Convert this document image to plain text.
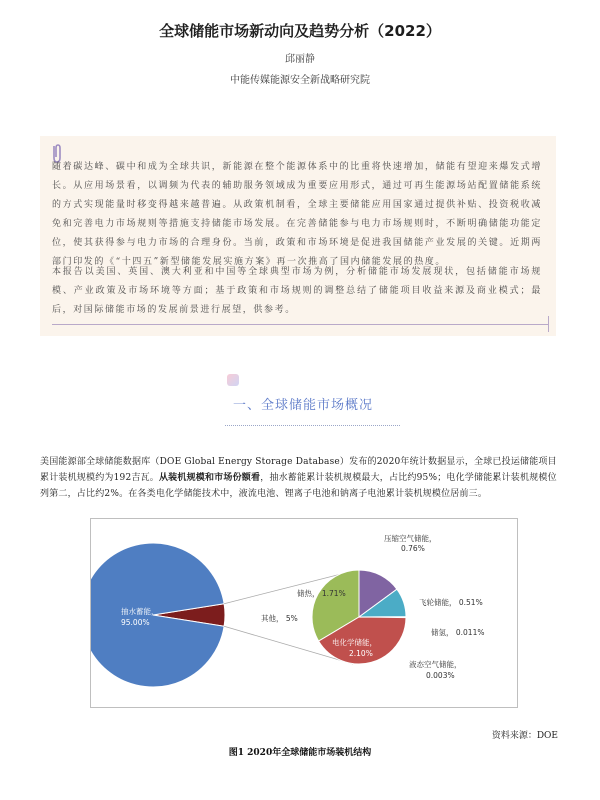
全球储能市场新动向及趋势分析（2022）
邱丽静
中能传媒能源安全新战略研究院

随着碳达峰、碳中和成为全球共识，新能源在整个能源体系中的比重将快速增加，储能有望迎来爆发式增长。从应用场景看，以调频为代表的辅助服务领域成为重要应用形式，通过可再生能源场站配置储能系统的方式实现能量时移变得越来越普遍。从政策机制看，全球主要储能应用国家通过提供补贴、投资税收减免和完善电力市场规则等措施支持储能市场发展。在完善储能参与电力市场规则时，不断明确储能功能定位，使其获得参与电力市场的合理身份。当前，政策和市场环境是促进我国储能产业发展的关键。近期两部门印发的《“十四五”新型储能发展实施方案》再一次推高了国内储能发展的热度。

本报告以美国、英国、澳大利亚和中国等全球典型市场为例，分析储能市场发展现状，包括储能市场规模、产业政策及市场环境等方面；基于政策和市场规则的调整总结了储能项目收益来源及商业模式；最后，对国际储能市场的发展前景进行展望，供参考。

一、全球储能市场概况

美国能源部全球储能数据库（DOE Global Energy Storage Database）发布的2020年统计数据显示，全球已投运储能项目累计装机规模约为192吉瓦。从装机规模和市场份额看，抽水蓄能累计装机规模最大，占比约95%；电化学储能累计装机规模位列第二，占比约2%。在各类电化学储能技术中，液流电池、锂离子电池和钠离子电池累计装机规模位居前三。

抽水蓄能，
95.00%	其他， 5%
储热， 1.71%
压缩空气储能，
0.76%
飞轮储能， 0.51%
储氢， 0.011%
液态空气储能，
0.003%
电化学储能，
2.10%
资料来源：DOE
图1 2020年全球储能市场装机结构
